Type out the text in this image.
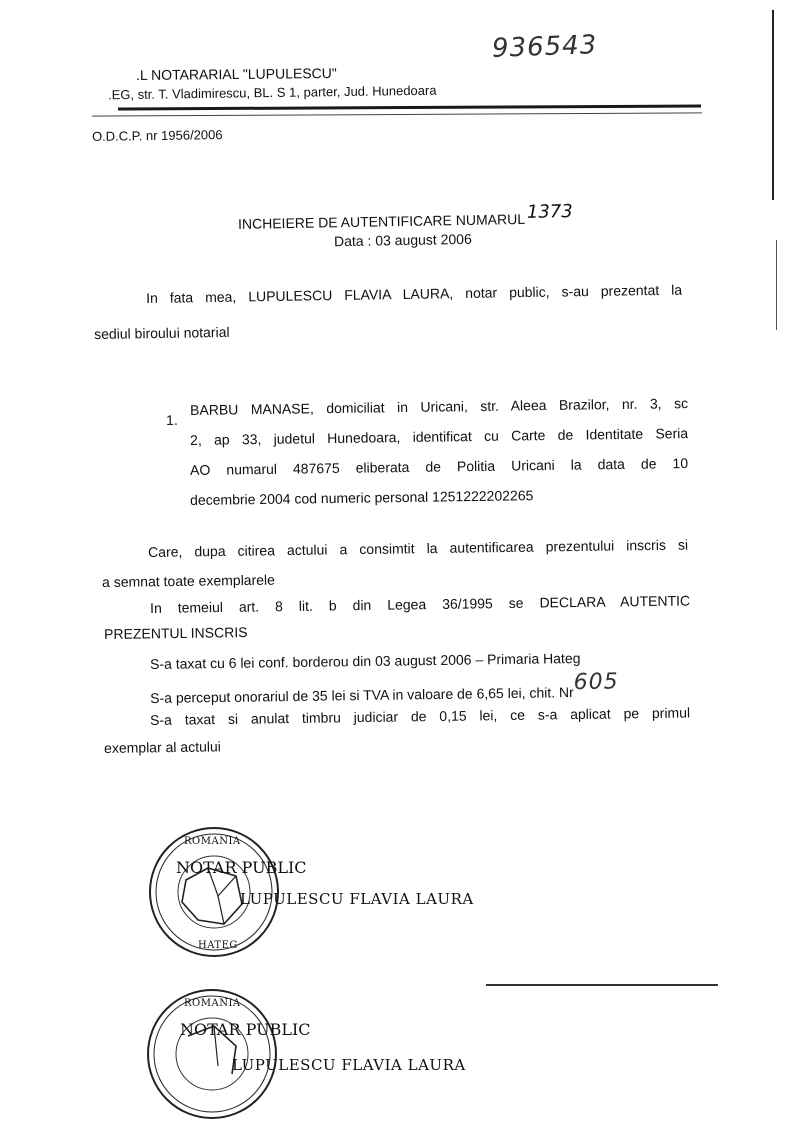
936543
.L NOTARARIAL "LUPULESCU"
.EG, str. T. Vladimirescu, BL. S 1, parter, Jud. Hunedoara
O.D.C.P. nr 1956/2006
INCHEIERE DE AUTENTIFICARE NUMARUL1373
Data : 03 august 2006
In fata mea, LUPULESCU FLAVIA LAURA, notar public, s-au prezentat la
sediul biroului notarial
1.
BARBU MANASE, domiciliat in Uricani, str. Aleea Brazilor, nr. 3, sc
2, ap 33, judetul Hunedoara, identificat cu Carte de Identitate Seria
AO numarul 487675 eliberata de Politia Uricani la data de 10
decembrie 2004 cod numeric personal 1251222202265
Care, dupa citirea actului a consimtit la autentificarea prezentului inscris si
a semnat toate exemplarele
In temeiul art. 8 lit. b din Legea 36/1995 se DECLARA AUTENTIC
PREZENTUL INSCRIS
S-a taxat cu 6 lei conf. borderou din 03 august 2006 – Primaria Hateg
S-a perceput onorariul de 35 lei si TVA in valoare de 6,65 lei, chit. Nr605
S-a taxat si anulat timbru judiciar de 0,15 lei, ce s-a aplicat pe primul
exemplar al actului
NOTAR PUBLIC
ROMANIA
HATEG
LUPULESCU FLAVIA LAURA
NOTAR PUBLIC
ROMANIA
LUPULESCU FLAVIA LAURA
